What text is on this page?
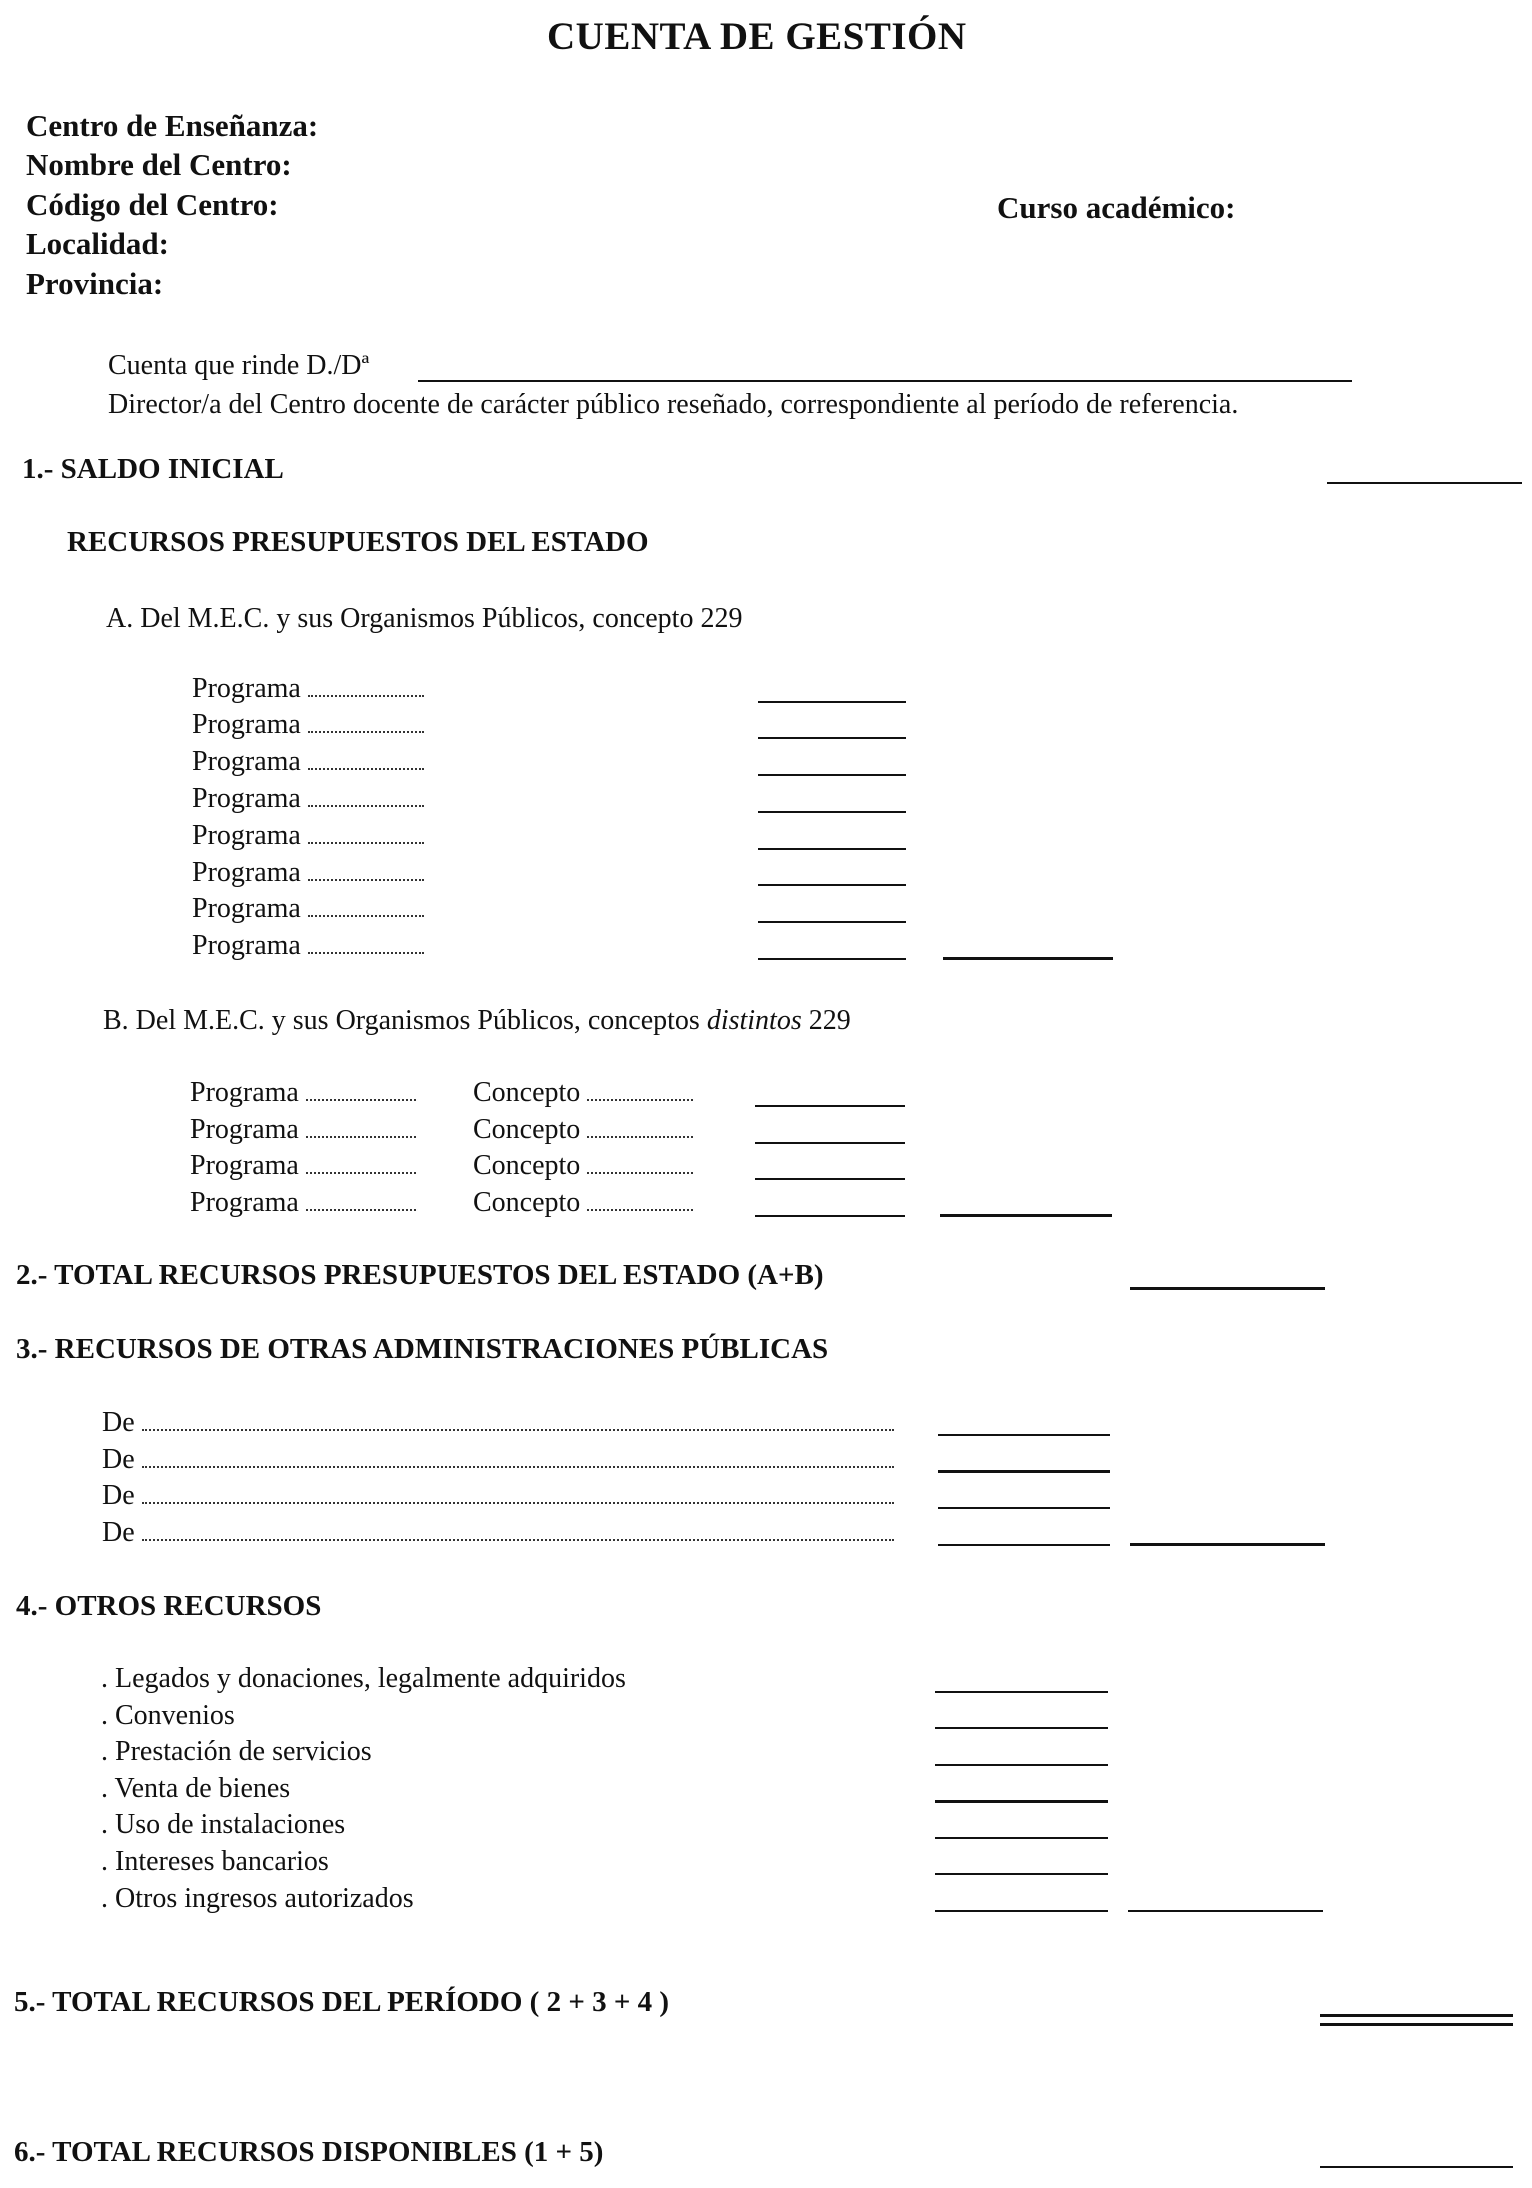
CUENTA DE GESTIÓN
Centro de Enseñanza:
Nombre del Centro:
Código del Centro:	Curso académico:
Localidad:
Provincia:
Cuenta que rinde D./Dª
Director/a del Centro docente de carácter público reseñado, correspondiente al período de referencia.
1.- SALDO INICIAL
RECURSOS PRESUPUESTOS DEL ESTADO
A. Del M.E.C. y sus Organismos Públicos, concepto 229
Programa
Programa
Programa
Programa
Programa
Programa
Programa
Programa
B. Del M.E.C. y sus Organismos Públicos, conceptos distintos 229
Programa	Concepto
Programa	Concepto
Programa	Concepto
Programa	Concepto
2.- TOTAL RECURSOS PRESUPUESTOS DEL ESTADO (A+B)
3.- RECURSOS DE OTRAS ADMINISTRACIONES PÚBLICAS
De
De
De
De
4.- OTROS RECURSOS
. Legados y donaciones, legalmente adquiridos
. Convenios
. Prestación de servicios
. Venta de bienes
. Uso de instalaciones
. Intereses bancarios
. Otros ingresos autorizados
5.- TOTAL RECURSOS DEL PERÍODO ( 2 + 3 + 4 )
6.- TOTAL RECURSOS DISPONIBLES (1 + 5)
